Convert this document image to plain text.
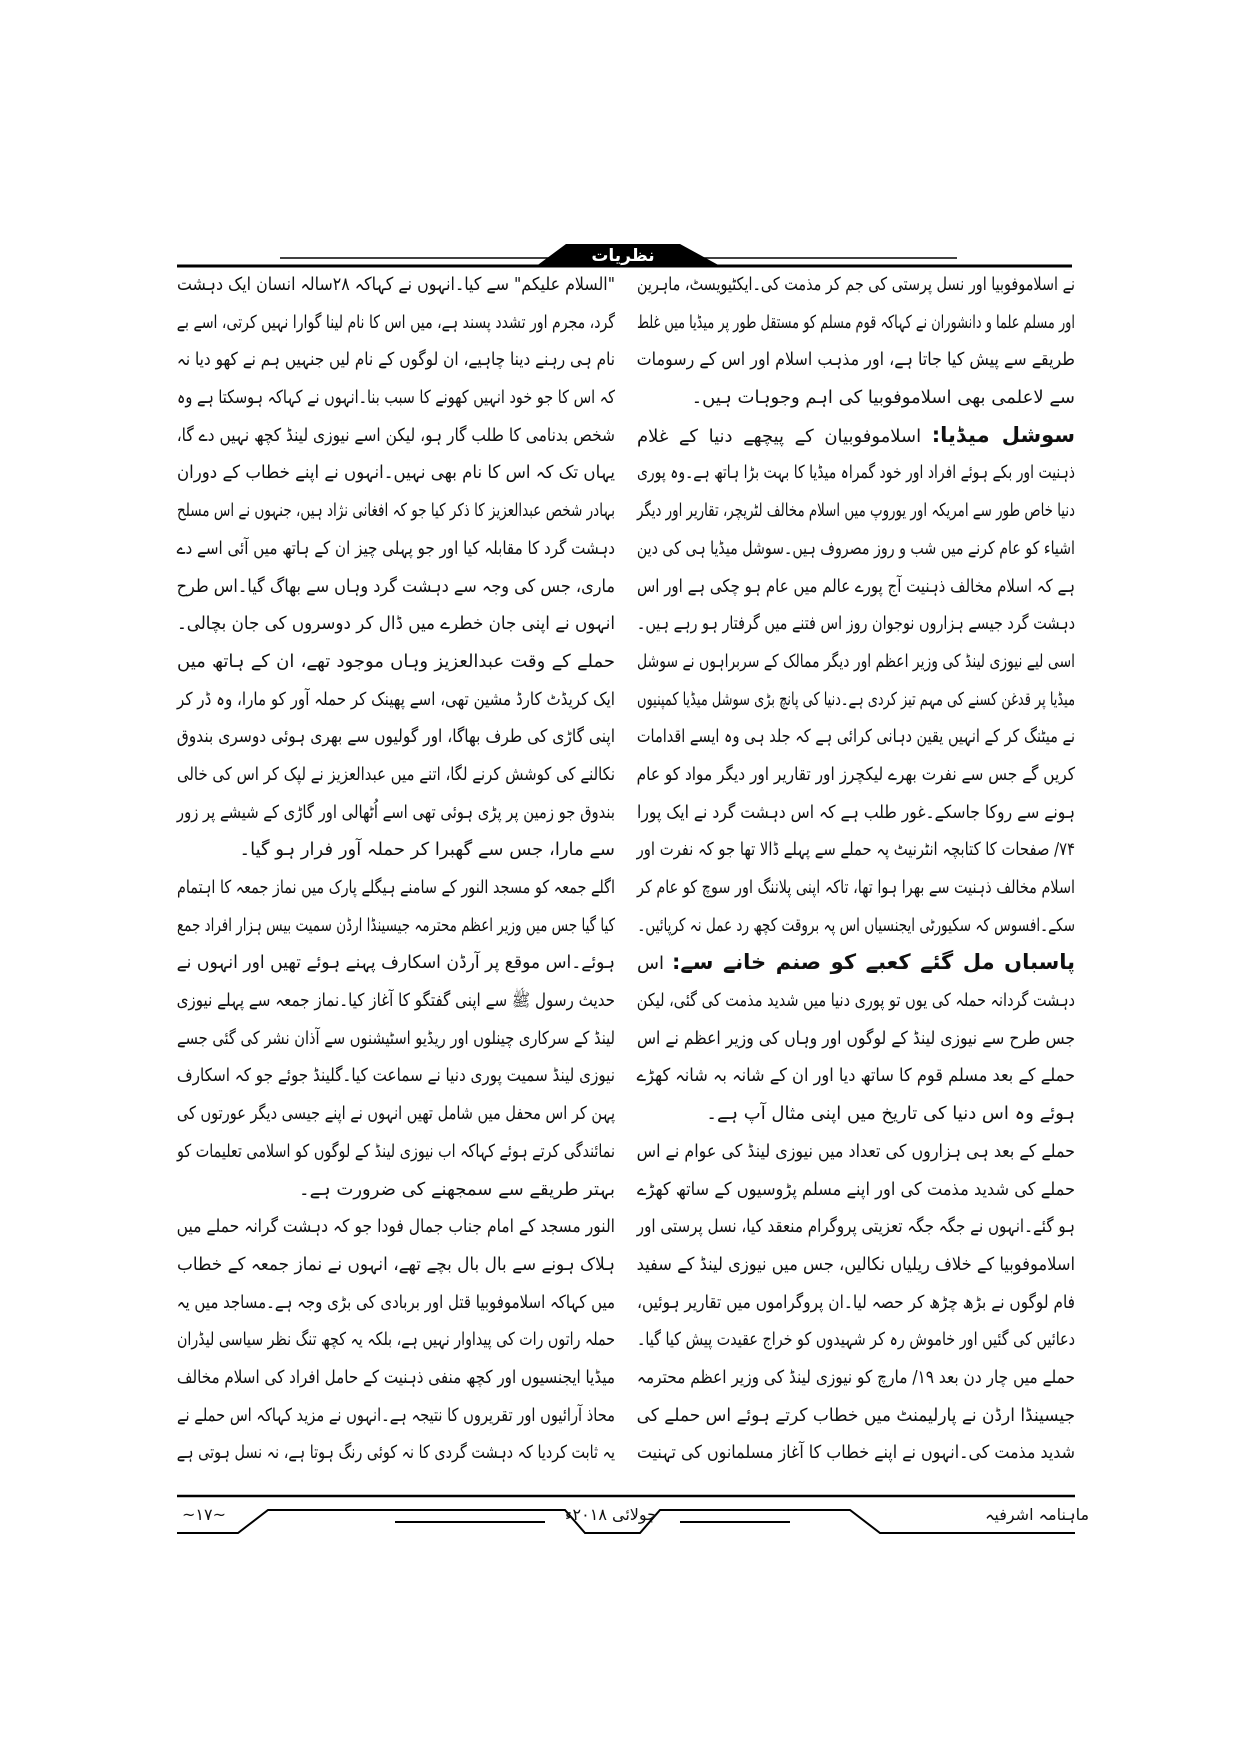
نظریات
نے اسلاموفوبیا اور نسل پرستی کی جم کر مذمت کی۔ایکٹیویسٹ، ماہرین
اور مسلم علما و دانشوران نے کہاکہ قوم مسلم کو مستقل طور پر میڈیا میں غلط
طریقے سے پیش کیا جاتا ہے، اور مذہب اسلام اور اس کے رسومات
سے لاعلمی بھی اسلاموفوبیا کی اہم وجوہات ہیں۔
سوشل میڈیا: اسلاموفوبیان کے پیچھے دنیا کے غلام
ذہنیت اور بکے ہوئے افراد اور خود گمراہ میڈیا کا بہت بڑا ہاتھ ہے۔وہ پوری
دنیا خاص طور سے امریکہ اور یوروپ میں اسلام مخالف لٹریچر، تقاریر اور دیگر
اشیاء کو عام کرنے میں شب و روز مصروف ہیں۔سوشل میڈیا ہی کی دین
ہے کہ اسلام مخالف ذہنیت آج پورے عالم میں عام ہو چکی ہے اور اس
دہشت گرد جیسے ہزاروں نوجوان روز اس فتنے میں گرفتار ہو رہے ہیں۔
اسی لیے نیوزی لینڈ کی وزیر اعظم اور دیگر ممالک کے سربراہوں نے سوشل
میڈیا پر قدغن کسنے کی مہم تیز کردی ہے۔دنیا کی پانچ بڑی سوشل میڈیا کمپنیوں
نے میٹنگ کر کے انہیں یقین دہانی کرائی ہے کہ جلد ہی وہ ایسے اقدامات
کریں گے جس سے نفرت بھرے لیکچرز اور تقاریر اور دیگر مواد کو عام
ہونے سے روکا جاسکے۔غور طلب ہے کہ اس دہشت گرد نے ایک پورا
۷۴/ صفحات کا کتابچہ انٹرنیٹ پہ حملے سے پہلے ڈالا تھا جو کہ نفرت اور
اسلام مخالف ذہنیت سے بھرا ہوا تھا، تاکہ اپنی پلاننگ اور سوچ کو عام کر
سکے۔افسوس کہ سکیورٹی ایجنسیاں اس پہ بروقت کچھ رد عمل نہ کرپائیں۔
پاسباں مل گئے کعبے کو صنم خانے سے: اس
دہشت گردانہ حملہ کی یوں تو پوری دنیا میں شدید مذمت کی گئی، لیکن
جس طرح سے نیوزی لینڈ کے لوگوں اور وہاں کی وزیر اعظم نے اس
حملے کے بعد مسلم قوم کا ساتھ دیا اور ان کے شانہ بہ شانہ کھڑے
ہوئے وہ اس دنیا کی تاریخ میں اپنی مثال آپ ہے۔
حملے کے بعد ہی ہزاروں کی تعداد میں نیوزی لینڈ کی عوام نے اس
حملے کی شدید مذمت کی اور اپنے مسلم پڑوسیوں کے ساتھ کھڑے
ہو گئے۔انہوں نے جگہ جگہ تعزیتی پروگرام منعقد کیا، نسل پرستی اور
اسلاموفوبیا کے خلاف ریلیاں نکالیں، جس میں نیوزی لینڈ کے سفید
فام لوگوں نے بڑھ چڑھ کر حصہ لیا۔ان پروگراموں میں تقاریر ہوئیں،
دعائیں کی گئیں اور خاموش رہ کر شہیدوں کو خراج عقیدت پیش کیا گیا۔
حملے میں چار دن بعد ۱۹/ مارچ کو نیوزی لینڈ کی وزیر اعظم محترمہ
جیسینڈا ارڈن نے پارلیمنٹ میں خطاب کرتے ہوئے اس حملے کی
شدید مذمت کی۔انہوں نے اپنے خطاب کا آغاز مسلمانوں کی تہنیت
"السلام علیکم" سے کیا۔انہوں نے کہاکہ ۲۸سالہ انسان ایک دہشت
گرد، مجرم اور تشدد پسند ہے، میں اس کا نام لینا گوارا نہیں کرتی، اسے بے
نام ہی رہنے دینا چاہیے، ان لوگوں کے نام لیں جنہیں ہم نے کھو دیا نہ
کہ اس کا جو خود انہیں کھونے کا سبب بنا۔انہوں نے کہاکہ ہوسکتا ہے وہ
شخص بدنامی کا طلب گار ہو، لیکن اسے نیوزی لینڈ کچھ نہیں دے گا،
یہاں تک کہ اس کا نام بھی نہیں۔انہوں نے اپنے خطاب کے دوران
بہادر شخص عبدالعزیز کا ذکر کیا جو کہ افغانی نژاد ہیں، جنہوں نے اس مسلح
دہشت گرد کا مقابلہ کیا اور جو پہلی چیز ان کے ہاتھ میں آئی اسے دے
ماری، جس کی وجہ سے دہشت گرد وہاں سے بھاگ گیا۔اس طرح
انہوں نے اپنی جان خطرے میں ڈال کر دوسروں کی جان بچالی۔
حملے کے وقت عبدالعزیز وہاں موجود تھے، ان کے ہاتھ میں
ایک کریڈٹ کارڈ مشین تھی، اسے پھینک کر حملہ آور کو مارا، وہ ڈر کر
اپنی گاڑی کی طرف بھاگا، اور گولیوں سے بھری ہوئی دوسری بندوق
نکالنے کی کوشش کرنے لگا، اتنے میں عبدالعزیز نے لپک کر اس کی خالی
بندوق جو زمین پر پڑی ہوئی تھی اسے اُٹھالی اور گاڑی کے شیشے پر زور
سے مارا، جس سے گھبرا کر حملہ آور فرار ہو گیا۔
اگلے جمعہ کو مسجد النور کے سامنے ہیگلے پارک میں نماز جمعہ کا اہتمام
کیا گیا جس میں وزیر اعظم محترمہ جیسینڈا ارڈن سمیت بیس ہزار افراد جمع
ہوئے۔اس موقع پر آرڈن اسکارف پہنے ہوئے تھیں اور انہوں نے
حدیث رسول ﷺ سے اپنی گفتگو کا آغاز کیا۔نماز جمعہ سے پہلے نیوزی
لینڈ کے سرکاری چینلوں اور ریڈیو اسٹیشنوں سے آذان نشر کی گئی جسے
نیوزی لینڈ سمیت پوری دنیا نے سماعت کیا۔گلینڈ جوئے جو کہ اسکارف
پہن کر اس محفل میں شامل تھیں انہوں نے اپنے جیسی دیگر عورتوں کی
نمائندگی کرتے ہوئے کہاکہ اب نیوزی لینڈ کے لوگوں کو اسلامی تعلیمات کو
بہتر طریقے سے سمجھنے کی ضرورت ہے۔
النور مسجد کے امام جناب جمال فودا جو کہ دہشت گرانہ حملے میں
ہلاک ہونے سے بال بال بچے تھے، انہوں نے نماز جمعہ کے خطاب
میں کہاکہ اسلاموفوبیا قتل اور بربادی کی بڑی وجہ ہے۔مساجد میں یہ
حملہ راتوں رات کی پیداوار نہیں ہے، بلکہ یہ کچھ تنگ نظر سیاسی لیڈران
میڈیا ایجنسیوں اور کچھ منفی ذہنیت کے حامل افراد کی اسلام مخالف
محاذ آرائیوں اور تقریروں کا نتیجہ ہے۔انہوں نے مزید کہاکہ اس حملے نے
یہ ثابت کردیا کہ دہشت گردی کا نہ کوئی رنگ ہوتا ہے، نہ نسل ہوتی ہے
ماہنامہ اشرفیہ
جولائی ۲۰۱۸ء
~۱۷~
